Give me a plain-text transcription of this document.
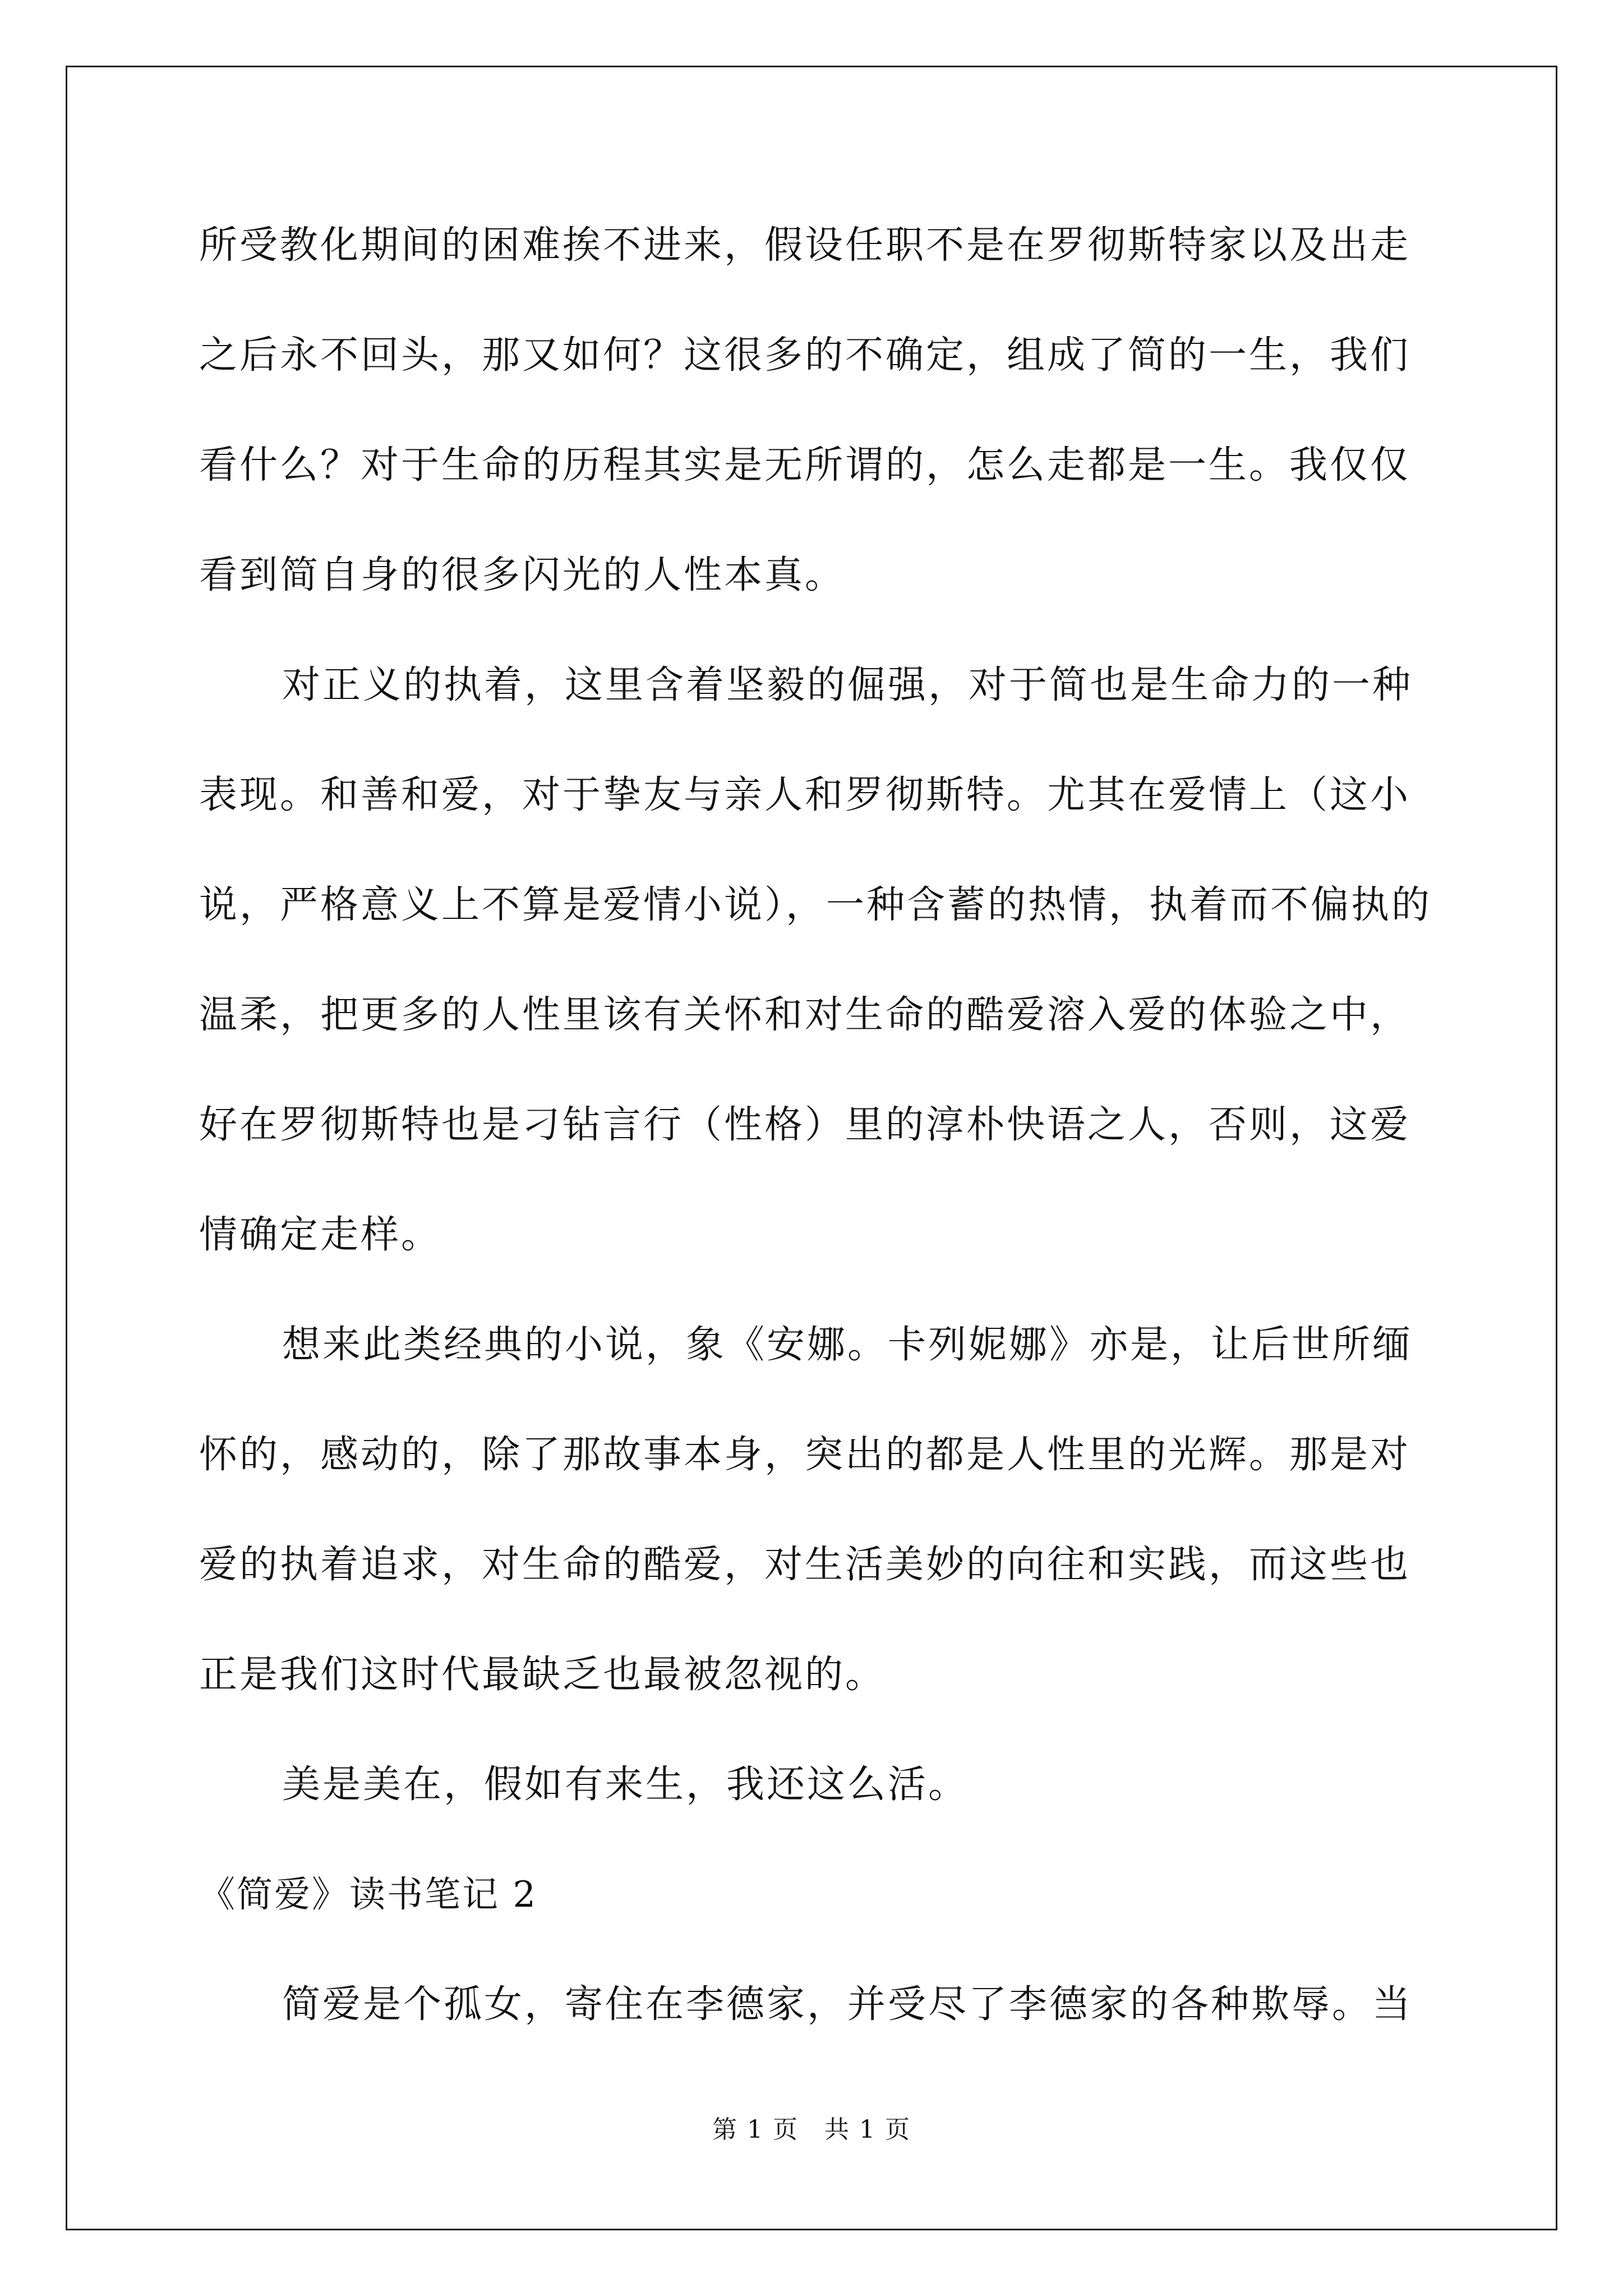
所受教化期间的困难挨不进来，假设任职不是在罗彻斯特家以及出走
之后永不回头，那又如何？这很多的不确定，组成了简的一生，我们
看什么？对于生命的历程其实是无所谓的，怎么走都是一生。我仅仅
看到简自身的很多闪光的人性本真。
对正义的执着，这里含着坚毅的倔强，对于简也是生命力的一种
表现。和善和爱，对于挚友与亲人和罗彻斯特。尤其在爱情上（这小
说，严格意义上不算是爱情小说），一种含蓄的热情，执着而不偏执的
温柔，把更多的人性里该有关怀和对生命的酷爱溶入爱的体验之中，
好在罗彻斯特也是刁钻言行（性格）里的淳朴快语之人，否则，这爱
情确定走样。
想来此类经典的小说，象《安娜。卡列妮娜》亦是，让后世所缅
怀的，感动的，除了那故事本身，突出的都是人性里的光辉。那是对
爱的执着追求，对生命的酷爱，对生活美妙的向往和实践，而这些也
正是我们这时代最缺乏也最被忽视的。
美是美在，假如有来生，我还这么活。
《简爱》读书笔记 2
简爱是个孤女，寄住在李德家，并受尽了李德家的各种欺辱。当
第 1 页　共 1 页
